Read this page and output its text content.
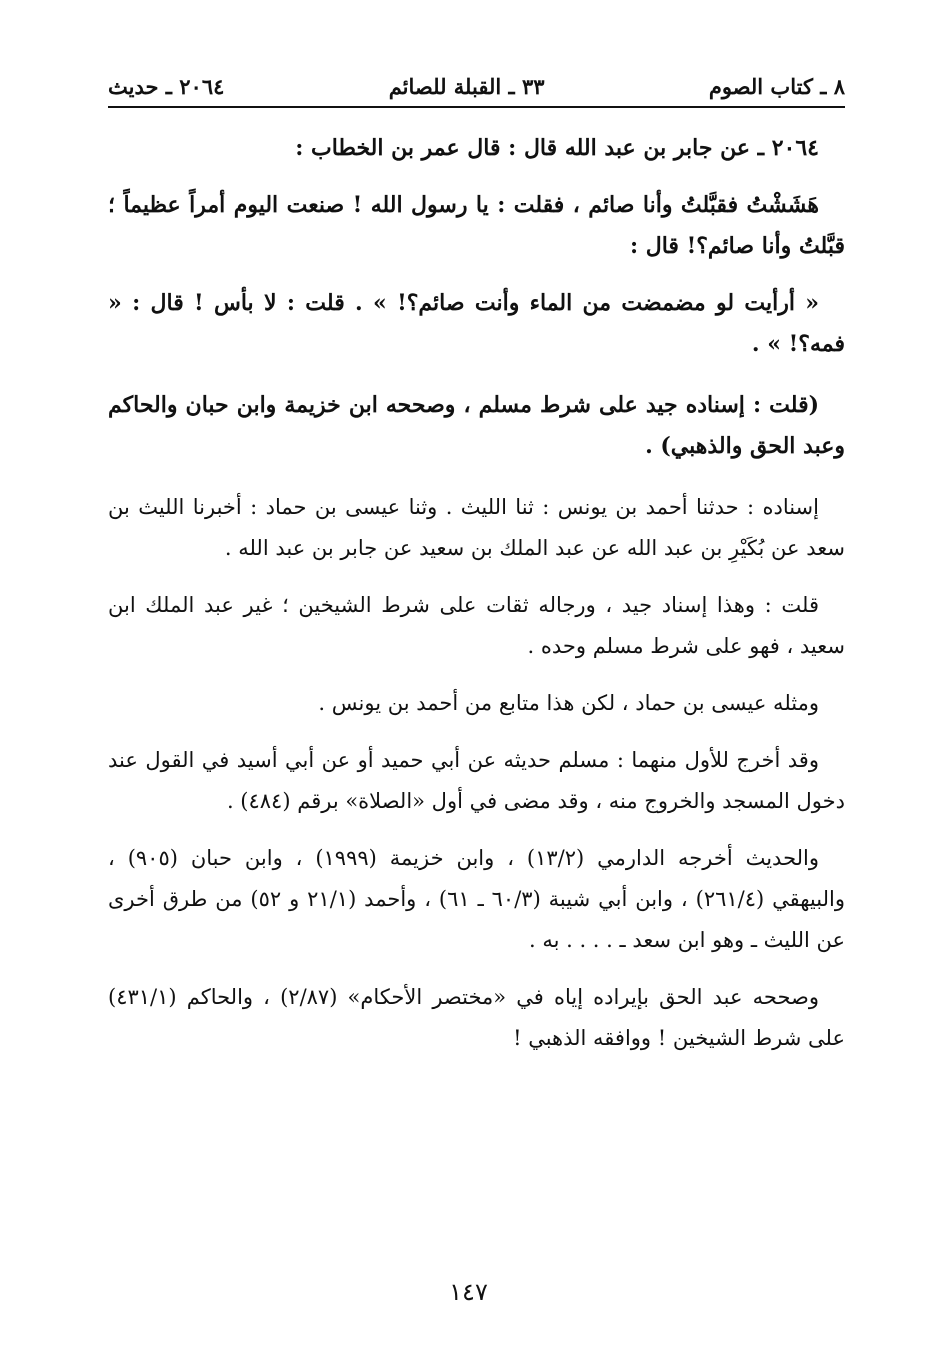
٨ ـ كتاب الصوم
٣٣ ـ القبلة للصائم
٢٠٦٤ ـ حديث

٢٠٦٤ ـ عن جابر بن عبد الله قال : قال عمر بن الخطاب :

هَشَشْتُ فقبَّلتُ وأنا صائم ، فقلت : يا رسول الله ! صنعت اليوم أمراً عظيماً ؛ قبَّلتُ وأنا صائم؟! قال :

« أرأيت لو مضمضت من الماء وأنت صائم؟! » . قلت : لا بأس ! قال : « فمه؟! » .

(قلت : إسناده جيد على شرط مسلم ، وصححه ابن خزيمة وابن حبان والحاكم وعبد الحق والذهبي) .

إسناده : حدثنا أحمد بن يونس : ثنا الليث . وثنا عيسى بن حماد : أخبرنا الليث بن سعد عن بُكَيْرِ بن عبد الله عن عبد الملك بن سعيد عن جابر بن عبد الله .

قلت : وهذا إسناد جيد ، ورجاله ثقات على شرط الشيخين ؛ غير عبد الملك ابن سعيد ، فهو على شرط مسلم وحده .

ومثله عيسى بن حماد ، لكن هذا متابع من أحمد بن يونس .

وقد أخرج للأول منهما : مسلم حديثه عن أبي حميد أو عن أبي أسيد في القول عند دخول المسجد والخروج منه ، وقد مضى في أول «الصلاة» برقم (٤٨٤) .

والحديث أخرجه الدارمي (١٣/٢) ، وابن خزيمة (١٩٩٩) ، وابن حبان (٩٠٥) ، والبيهقي (٢٦١/٤) ، وابن أبي شيبة (٦٠/٣ ـ ٦١) ، وأحمد (٢١/١ و ٥٢) من طرق أخرى عن الليث ـ وهو ابن سعد ـ . . . . به .

وصححه عبد الحق بإيراده إياه في «مختصر الأحكام» (٢/٨٧) ، والحاكم (٤٣١/١) على شرط الشيخين ! ووافقه الذهبي !

١٤٧
